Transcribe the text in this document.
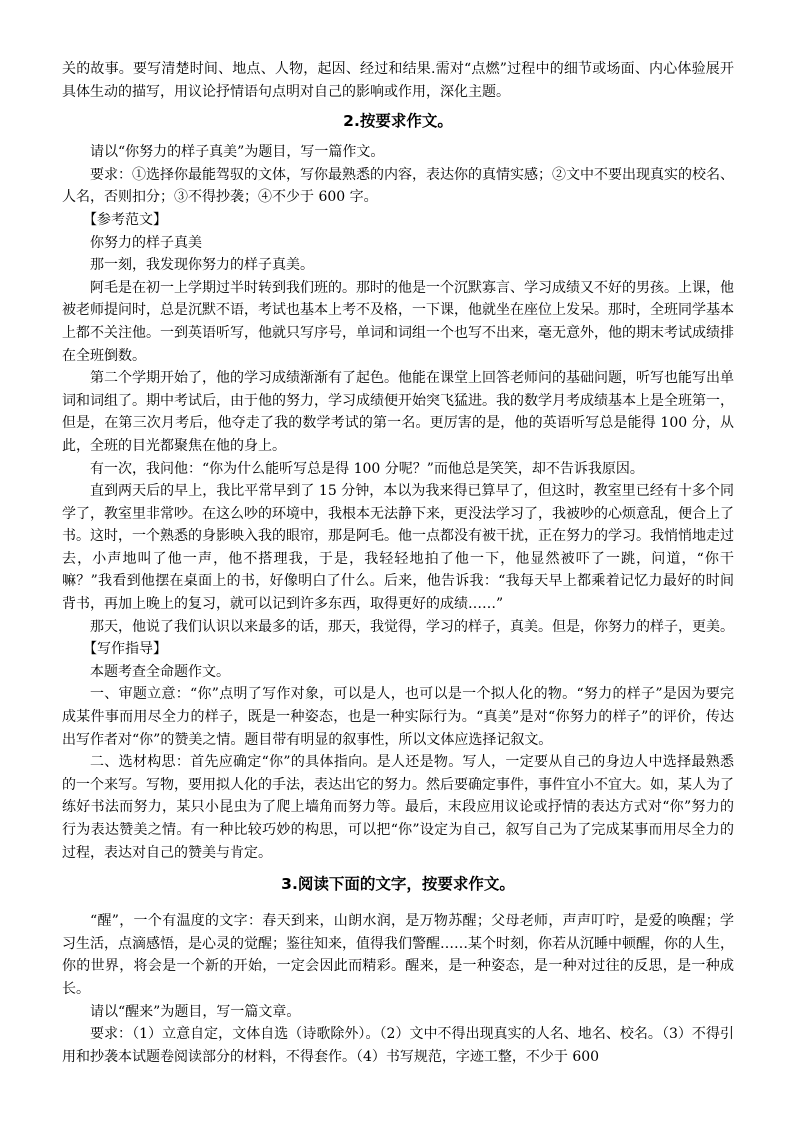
关的故事。要写清楚时间、地点、人物，起因、经过和结果.需对“点燃”过程中的细节或场面、内心体验展开具体生动的描写，用议论抒情语句点明对自己的影响或作用，深化主题。

2.按要求作文。

请以“你努力的样子真美”为题目，写一篇作文。

要求：①选择你最能驾驭的文体，写你最熟悉的内容，表达你的真情实感；②文中不要出现真实的校名、人名，否则扣分；③不得抄袭；④不少于 600 字。

【参考范文】

你努力的样子真美

那一刻，我发现你努力的样子真美。

阿毛是在初一上学期过半时转到我们班的。那时的他是一个沉默寡言、学习成绩又不好的男孩。上课，他被老师提问时，总是沉默不语，考试也基本上考不及格，一下课，他就坐在座位上发呆。那时，全班同学基本上都不关注他。一到英语听写，他就只写序号，单词和词组一个也写不出来，毫无意外，他的期末考试成绩排在全班倒数。

第二个学期开始了，他的学习成绩渐渐有了起色。他能在课堂上回答老师问的基础问题，听写也能写出单词和词组了。期中考试后，由于他的努力，学习成绩便开始突飞猛进。我的数学月考成绩基本上是全班第一，但是，在第三次月考后，他夺走了我的数学考试的第一名。更厉害的是，他的英语听写总是能得 100 分，从此，全班的目光都聚焦在他的身上。

有一次，我问他：“你为什么能听写总是得 100 分呢？”而他总是笑笑，却不告诉我原因。

直到两天后的早上，我比平常早到了 15 分钟，本以为我来得已算早了，但这时，教室里已经有十多个同学了，教室里非常吵。在这么吵的环境中，我根本无法静下来，更没法学习了，我被吵的心烦意乱，便合上了书。这时，一个熟悉的身影映入我的眼帘，那是阿毛。他一点都没有被干扰，正在努力的学习。我悄悄地走过去，小声地叫了他一声，他不搭理我，于是，我轻轻地拍了他一下，他显然被吓了一跳，问道，“你干嘛？”我看到他摆在桌面上的书，好像明白了什么。后来，他告诉我：“我每天早上都乘着记忆力最好的时间背书，再加上晚上的复习，就可以记到许多东西，取得更好的成绩……”

那天，他说了我们认识以来最多的话，那天，我觉得，学习的样子，真美。但是，你努力的样子，更美。

【写作指导】

本题考查全命题作文。

一、审题立意：“你”点明了写作对象，可以是人，也可以是一个拟人化的物。“努力的样子”是因为要完成某件事而用尽全力的样子，既是一种姿态，也是一种实际行为。“真美”是对“你努力的样子”的评价，传达出写作者对“你”的赞美之情。题目带有明显的叙事性，所以文体应选择记叙文。

二、选材构思：首先应确定“你”的具体指向。是人还是物。写人，一定要从自己的身边人中选择最熟悉的一个来写。写物，要用拟人化的手法，表达出它的努力。然后要确定事件，事件宜小不宜大。如，某人为了练好书法而努力，某只小昆虫为了爬上墙角而努力等。最后，末段应用议论或抒情的表达方式对“你”努力的行为表达赞美之情。有一种比较巧妙的构思，可以把“你”设定为自己，叙写自己为了完成某事而用尽全力的过程，表达对自己的赞美与肯定。

3.阅读下面的文字，按要求作文。

“醒”，一个有温度的文字：春天到来，山朗水润，是万物苏醒；父母老师，声声叮咛，是爱的唤醒；学习生活，点滴感悟，是心灵的觉醒；鉴往知来，值得我们警醒……某个时刻，你若从沉睡中顿醒，你的人生，你的世界，将会是一个新的开始，一定会因此而精彩。醒来，是一种姿态，是一种对过往的反思，是一种成长。

请以“醒来”为题目，写一篇文章。

要求：（1）立意自定，文体自选（诗歌除外）。（2）文中不得出现真实的人名、地名、校名。（3）不得引用和抄袭本试题卷阅读部分的材料，不得套作。（4）书写规范，字迹工整，不少于 600
